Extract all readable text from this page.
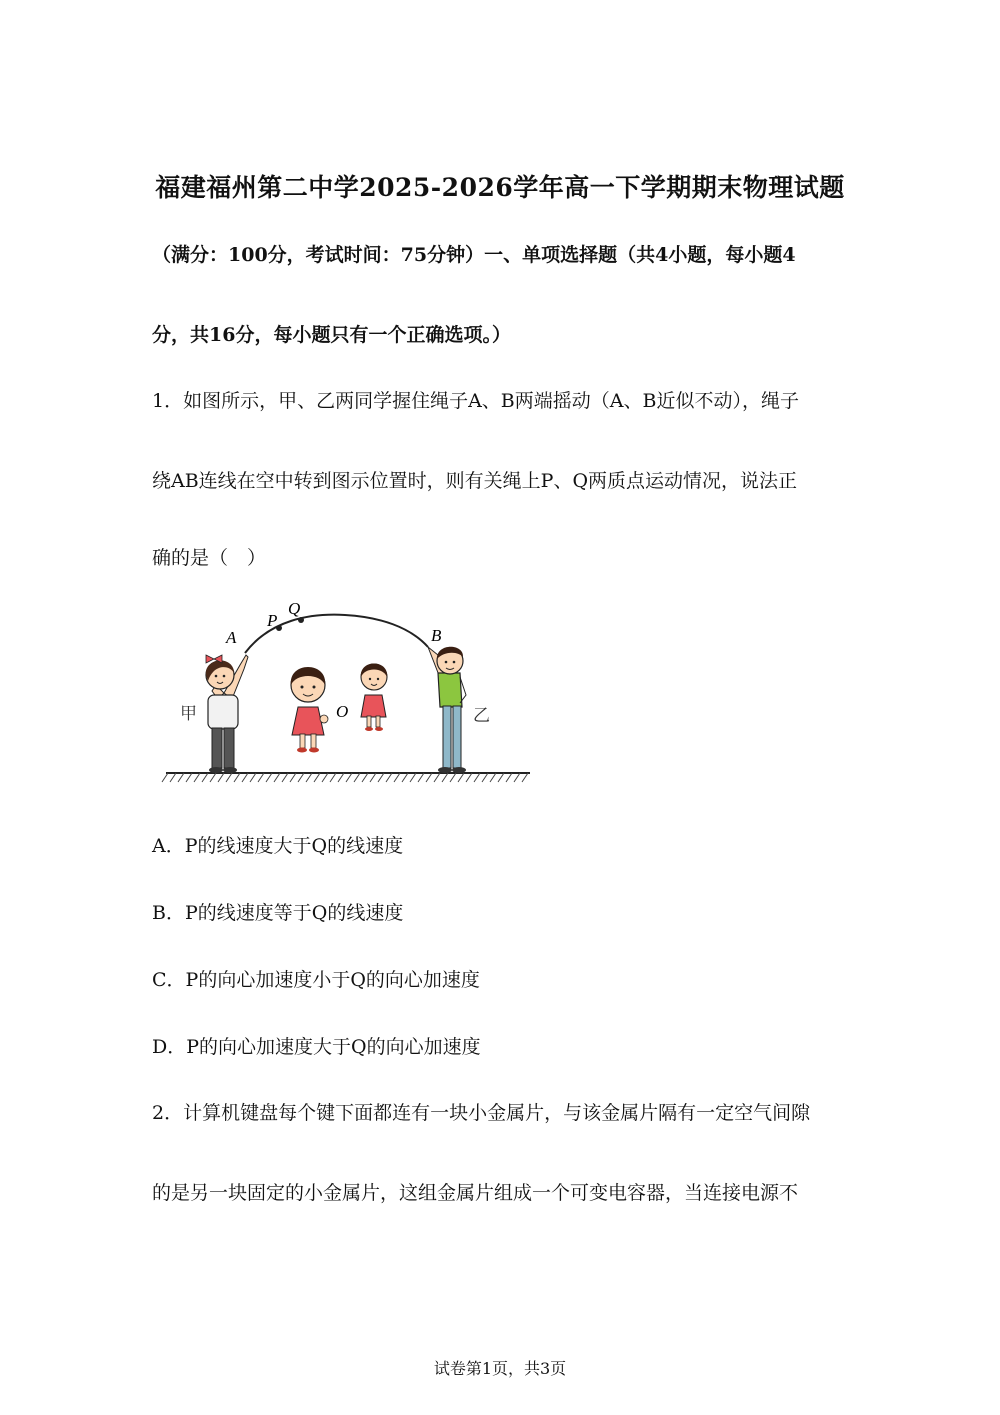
福建福州第二中学2025-2026学年高一下学期期末物理试题
（满分：100分，考试时间：75分钟）一、单项选择题（共4小题，每小题4
分，共16分，每小题只有一个正确选项。）
1．如图所示，甲、乙两同学握住绳子A、B两端摇动（A、B近似不动），绳子
绕AB连线在空中转到图示位置时，则有关绳上P、Q两质点运动情况，说法正
确的是（　）
A
P
Q
B
O
甲	乙
A．P的线速度大于Q的线速度
B．P的线速度等于Q的线速度
C．P的向心加速度小于Q的向心加速度
D．P的向心加速度大于Q的向心加速度
2．计算机键盘每个键下面都连有一块小金属片，与该金属片隔有一定空气间隙
的是另一块固定的小金属片，这组金属片组成一个可变电容器，当连接电源不
试卷第1页，共3页
